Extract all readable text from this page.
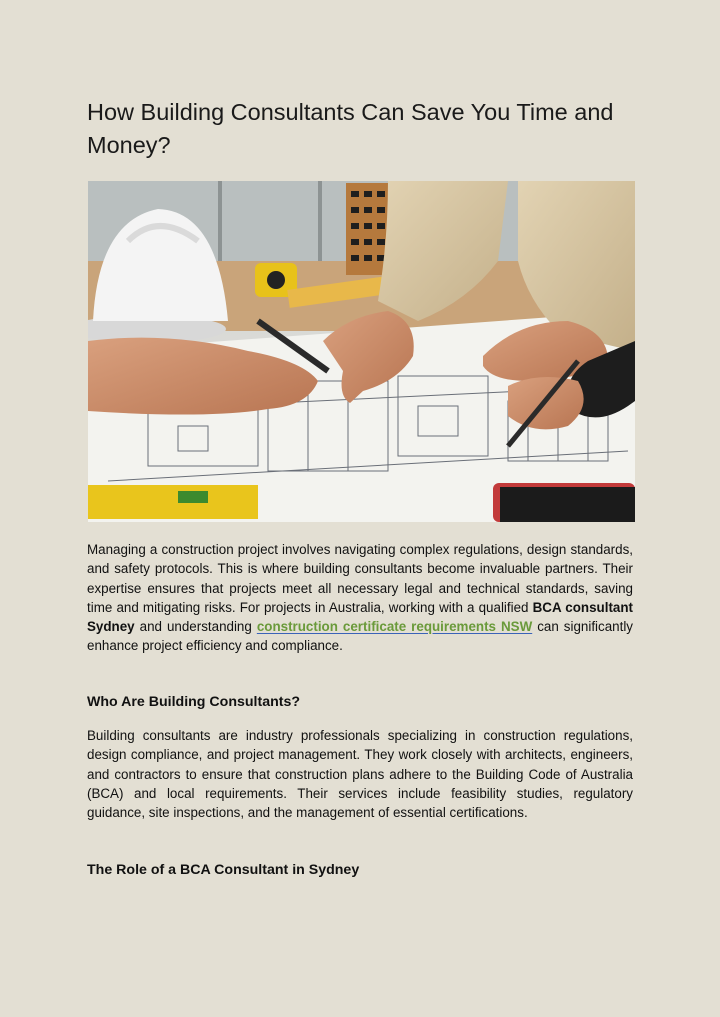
How Building Consultants Can Save You Time and Money?

Managing a construction project involves navigating complex regulations, design standards, and safety protocols. This is where building consultants become invaluable partners. Their expertise ensures that projects meet all necessary legal and technical standards, saving time and mitigating risks. For projects in Australia, working with a qualified BCA consultant Sydney and understanding construction certificate requirements NSW can significantly enhance project efficiency and compliance.

Who Are Building Consultants?

Building consultants are industry professionals specializing in construction regulations, design compliance, and project management. They work closely with architects, engineers, and contractors to ensure that construction plans adhere to the Building Code of Australia (BCA) and local requirements. Their services include feasibility studies, regulatory guidance, site inspections, and the management of essential certifications.

The Role of a BCA Consultant in Sydney
